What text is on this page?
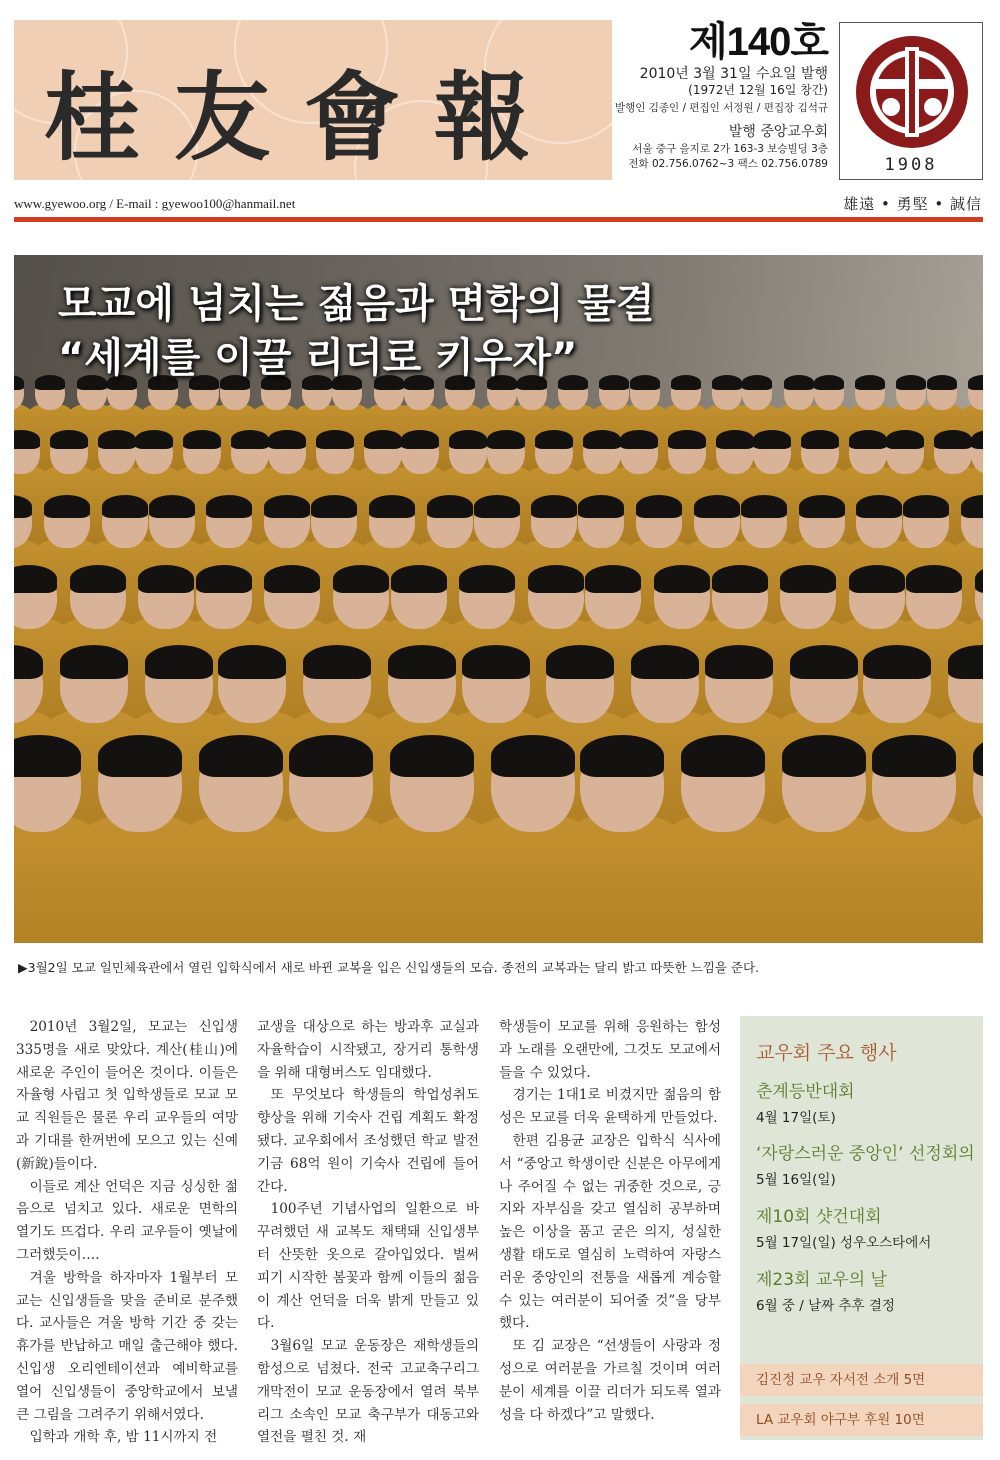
桂友會報
제140호
2010년 3월 31일 수요일 발행
(1972년 12월 16일 창간)
발행인 김종인 / 편집인 서정원 / 편집장 김석규
발행 중앙교우회
서울 중구 을지로 2가 163-3 보승빌딩 3층
전화 02.756.0762~3 팩스 02.756.0789	1908
www.gyewoo.org / E-mail : gyewoo100@hanmail.net	雄遠 • 勇堅 • 誠信
모교에 넘치는 젊음과 면학의 물결
“세계를 이끌 리더로 키우자”
▶3월2일 모교 일민체육관에서 열린 입학식에서 새로 바뀐 교복을 입은 신입생들의 모습. 종전의 교복과는 달리 밝고 따뜻한 느낌을 준다.

2010년 3월2일, 모교는 신입생 335명을 새로 맞았다. 계산(桂山)에 새로운 주인이 들어온 것이다. 이들은 자율형 사립고 첫 입학생들로 모교 모교 직원들은 물론 우리 교우들의 여망과 기대를 한꺼번에 모으고 있는 신예(新銳)들이다.

이들로 계산 언덕은 지금 싱싱한 젊음으로 넘치고 있다. 새로운 면학의 열기도 뜨겁다. 우리 교우들이 옛날에 그러했듯이….

겨울 방학을 하자마자 1월부터 모교는 신입생들을 맞을 준비로 분주했다. 교사들은 겨울 방학 기간 중 갖는 휴가를 반납하고 매일 출근해야 했다. 신입생 오리엔테이션과 예비학교를 열어 신입생들이 중앙학교에서 보낼 큰 그림을 그려주기 위해서였다.

입학과 개학 후, 밤 11시까지 전

교생을 대상으로 하는 방과후 교실과 자율학습이 시작됐고, 장거리 통학생을 위해 대형버스도 임대했다.

또 무엇보다 학생들의 학업성취도 향상을 위해 기숙사 건립 계획도 확정됐다. 교우회에서 조성했던 학교 발전기금 68억 원이 기숙사 건립에 들어간다.

100주년 기념사업의 일환으로 바꾸려했던 새 교복도 채택돼 신입생부터 산뜻한 옷으로 갈아입었다. 벌써 피기 시작한 봄꽃과 함께 이들의 젊음이 계산 언덕을 더욱 밝게 만들고 있다.

3월6일 모교 운동장은 재학생들의 함성으로 넘쳤다. 전국 고교축구리그 개막전이 모교 운동장에서 열려 북부리그 소속인 모교 축구부가 대동고와 열전을 펼친 것. 재

학생들이 모교를 위해 응원하는 함성과 노래를 오랜만에, 그것도 모교에서 들을 수 있었다.

경기는 1대1로 비겼지만 젊음의 함성은 모교를 더욱 윤택하게 만들었다.

한편 김용균 교장은 입학식 식사에서 “중앙고 학생이란 신분은 아무에게나 주어질 수 없는 귀중한 것으로, 긍지와 자부심을 갖고 열심히 공부하며 높은 이상을 품고 굳은 의지, 성실한 생활 태도로 열심히 노력하여 자랑스러운 중앙인의 전통을 새롭게 계승할 수 있는 여러분이 되어줄 것”을 당부했다.

또 김 교장은 “선생들이 사랑과 정성으로 여러분을 가르칠 것이며 여러분이 세계를 이끌 리더가 되도록 열과 성을 다 하겠다”고 말했다.

교우회 주요 행사
춘계등반대회
4월 17일(토)
‘자랑스러운 중앙인’ 선정회의
5월 16일(일)
제10회 샷건대회
5월 17일(일) 성우오스타에서
제23회 교우의 날
6월 중 / 날짜 추후 결정
김진정 교우 자서전 소개 5면
LA 교우회 야구부 후원 10면
